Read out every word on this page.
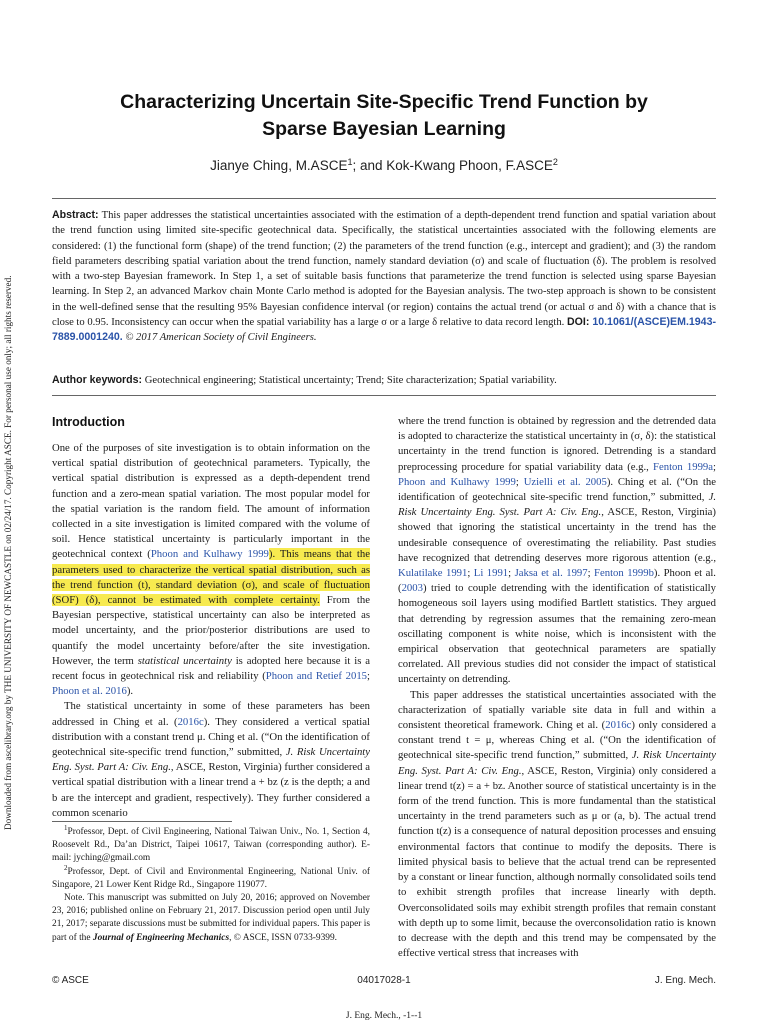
Downloaded from ascelibrary.org by THE UNIVERSITY OF NEWCASTLE on 02/24/17. Copyright ASCE. For personal use only; all rights reserved.
Characterizing Uncertain Site-Specific Trend Function by
Sparse Bayesian Learning
Jianye Ching, M.ASCE$^1$; and Kok-Kwang Phoon, F.ASCE$^2$
Abstract: This paper addresses the statistical uncertainties associated with the estimation of a depth-dependent trend function and spatial variation about the trend function using limited site-specific geotechnical data. Specifically, the statistical uncertainties associated with the following elements are considered: (1) the functional form (shape) of the trend function; (2) the parameters of the trend function (e.g., intercept and gradient); and (3) the random field parameters describing spatial variation about the trend function, namely standard deviation (σ) and scale of fluctuation (δ). The problem is resolved with a two-step Bayesian framework. In Step 1, a set of suitable basis functions that parameterize the trend function is selected using sparse Bayesian learning. In Step 2, an advanced Markov chain Monte Carlo method is adopted for the Bayesian analysis. The two-step approach is shown to be consistent in the well-defined sense that the resulting 95% Bayesian confidence interval (or region) contains the actual trend (or actual σ and δ) with a chance that is close to 0.95. Inconsistency can occur when the spatial variability has a large σ or a large δ relative to data record length. DOI: 10.1061/(ASCE)EM.1943-7889.0001240. © 2017 American Society of Civil Engineers.
Author keywords: Geotechnical engineering; Statistical uncertainty; Trend; Site characterization; Spatial variability.
Introduction

One of the purposes of site investigation is to obtain information on the vertical spatial distribution of geotechnical parameters. Typically, the vertical spatial distribution is expressed as a depth-dependent trend function and a zero-mean spatial variation. The most popular model for the spatial variation is the random field. The amount of information collected in a site investigation is limited compared with the volume of soil. Hence statistical uncertainty is particularly important in the geotechnical context (Phoon and Kulhawy 1999). This means that the parameters used to characterize the vertical spatial distribution, such as the trend function (t), standard deviation (σ), and scale of fluctuation (SOF) (δ), cannot be estimated with complete certainty. From the Bayesian perspective, statistical uncertainty can also be interpreted as model uncertainty, and the prior/posterior distributions are used to quantify the model uncertainty before/after the site investigation. However, the term statistical uncertainty is adopted here because it is a recent focus in geotechnical risk and reliability (Phoon and Retief 2015; Phoon et al. 2016).

The statistical uncertainty in some of these parameters has been addressed in Ching et al. (2016c). They considered a vertical spatial distribution with a constant trend μ. Ching et al. (“On the identification of geotechnical site-specific trend function,” submitted, J. Risk Uncertainty Eng. Syst. Part A: Civ. Eng., ASCE, Reston, Virginia) further considered a vertical spatial distribution with a linear trend a + bz (z is the depth; a and b are the intercept and gradient, respectively). They further considered a common scenario

$^1$Professor, Dept. of Civil Engineering, National Taiwan Univ., No. 1, Section 4, Roosevelt Rd., Da’an District, Taipei 10617, Taiwan (corresponding author). E-mail: jyching@gmail.com

$^2$Professor, Dept. of Civil and Environmental Engineering, National Univ. of Singapore, 21 Lower Kent Ridge Rd., Singapore 119077.

Note. This manuscript was submitted on July 20, 2016; approved on November 23, 2016; published online on February 21, 2017. Discussion period open until July 21, 2017; separate discussions must be submitted for individual papers. This paper is part of the Journal of Engineering Mechanics, © ASCE, ISSN 0733-9399.

where the trend function is obtained by regression and the detrended data is adopted to characterize the statistical uncertainty in (σ, δ): the statistical uncertainty in the trend function is ignored. Detrending is a standard preprocessing procedure for spatial variability data (e.g., Fenton 1999a; Phoon and Kulhawy 1999; Uzielli et al. 2005). Ching et al. (“On the identification of geotechnical site-specific trend function,” submitted, J. Risk Uncertainty Eng. Syst. Part A: Civ. Eng., ASCE, Reston, Virginia) showed that ignoring the statistical uncertainty in the trend has the undesirable consequence of overestimating the reliability. Past studies have recognized that detrending deserves more rigorous attention (e.g., Kulatilake 1991; Li 1991; Jaksa et al. 1997; Fenton 1999b). Phoon et al. (2003) tried to couple detrending with the identification of statistically homogeneous soil layers using modified Bartlett statistics. They argued that detrending by regression assumes that the remaining zero-mean oscillating component is white noise, which is inconsistent with the empirical observation that geotechnical parameters are spatially correlated. All previous studies did not consider the impact of statistical uncertainty on detrending.

This paper addresses the statistical uncertainties associated with the characterization of spatially variable site data in full and within a consistent theoretical framework. Ching et al. (2016c) only considered a constant trend t = μ, whereas Ching et al. (“On the identification of geotechnical site-specific trend function,” submitted, J. Risk Uncertainty Eng. Syst. Part A: Civ. Eng., ASCE, Reston, Virginia) only considered a linear trend t(z) = a + bz. Another source of statistical uncertainty is in the form of the trend function. This is more fundamental than the statistical uncertainty in the trend parameters such as μ or (a, b). The actual trend function t(z) is a consequence of natural deposition processes and ensuing environmental factors that continue to modify the deposits. There is limited physical basis to believe that the actual trend can be represented by a constant or linear function, although normally consolidated soils tend to exhibit strength profiles that increase linearly with depth. Overconsolidated soils may exhibit strength profiles that remain constant with depth up to some limit, because the overconsolidation ratio is known to decrease with the depth and this trend may be compensated by the effective vertical stress that increases with

© ASCE	04017028-1	J. Eng. Mech.
J. Eng. Mech., -1--1
